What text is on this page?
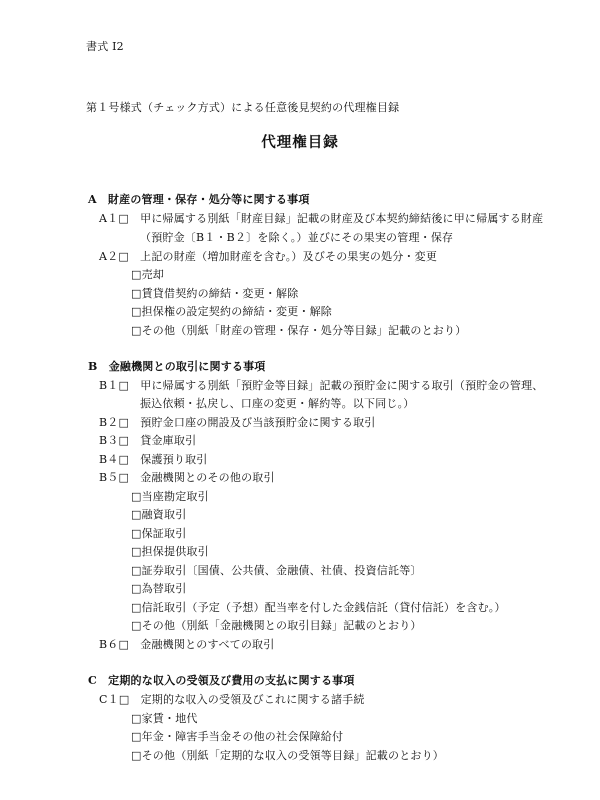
書式 I2
第１号様式（チェック方式）による任意後見契約の代理権目録
代理権目録
A　財産の管理・保存・処分等に関する事項
A１□　甲に帰属する別紙「財産目録」記載の財産及び本契約締結後に甲に帰属する財産
（預貯金〔B１・B２〕を除く。）並びにその果実の管理・保存
A２□　上記の財産（増加財産を含む。）及びその果実の処分・変更
□売却
□賃貸借契約の締結・変更・解除
□担保権の設定契約の締結・変更・解除
□その他（別紙「財産の管理・保存・処分等目録」記載のとおり）
B　金融機関との取引に関する事項
B１□　甲に帰属する別紙「預貯金等目録」記載の預貯金に関する取引（預貯金の管理、
振込依頼・払戻し、口座の変更・解約等。以下同じ。）
B２□　預貯金口座の開設及び当該預貯金に関する取引
B３□　貸金庫取引
B４□　保護預り取引
B５□　金融機関とのその他の取引
□当座勘定取引
□融資取引
□保証取引
□担保提供取引
□証券取引〔国債、公共債、金融債、社債、投資信託等〕
□為替取引
□信託取引（予定（予想）配当率を付した金銭信託（貸付信託）を含む。）
□その他（別紙「金融機関との取引目録」記載のとおり）
B６□　金融機関とのすべての取引
C　定期的な収入の受領及び費用の支払に関する事項
C１□　定期的な収入の受領及びこれに関する諸手続
□家賃・地代
□年金・障害手当金その他の社会保障給付
□その他（別紙「定期的な収入の受領等目録」記載のとおり）
